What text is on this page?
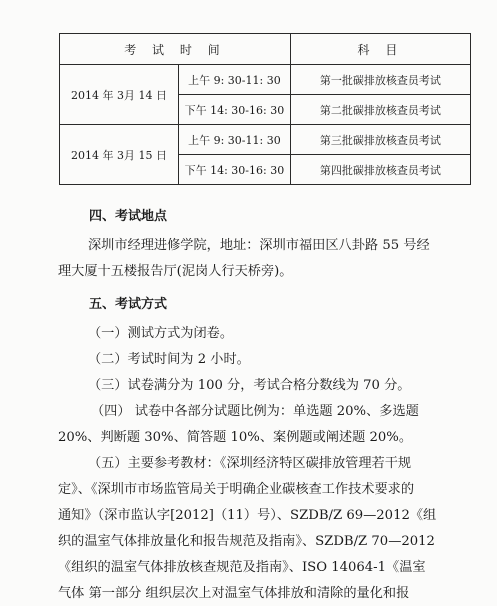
考 试 时 间		科 目
2014 年 3月 14 日	上午 9: 30-11: 30	第一批碳排放核查员考试
	下午 14: 30-16: 30	第二批碳排放核查员考试
2014 年 3月 15 日	上午 9: 30-11: 30	第三批碳排放核查员考试
	下午 14: 30-16: 30	第四批碳排放核查员考试
四、考试地点
深圳市经理进修学院，地址：深圳市福田区八卦路 55 号经
理大厦十五楼报告厅(泥岗人行天桥旁)。
五、考试方式
（一）测试方式为闭卷。
（二）考试时间为 2 小时。
（三）试卷满分为 100 分，考试合格分数线为 70 分。
（四） 试卷中各部分试题比例为：单选题 20%、多选题
20%、判断题 30%、简答题 10%、案例题或阐述题 20%。
（五）主要参考教材：《深圳经济特区碳排放管理若干规
定》、《深圳市市场监管局关于明确企业碳核查工作技术要求的
通知》（深市监认字[2012]（11）号）、SZDB/Z 69—2012《组
织的温室气体排放量化和报告规范及指南》、SZDB/Z 70—2012
《组织的温室气体排放核查规范及指南》、ISO 14064-1《温室
气体 第一部分 组织层次上对温室气体排放和清除的量化和报
